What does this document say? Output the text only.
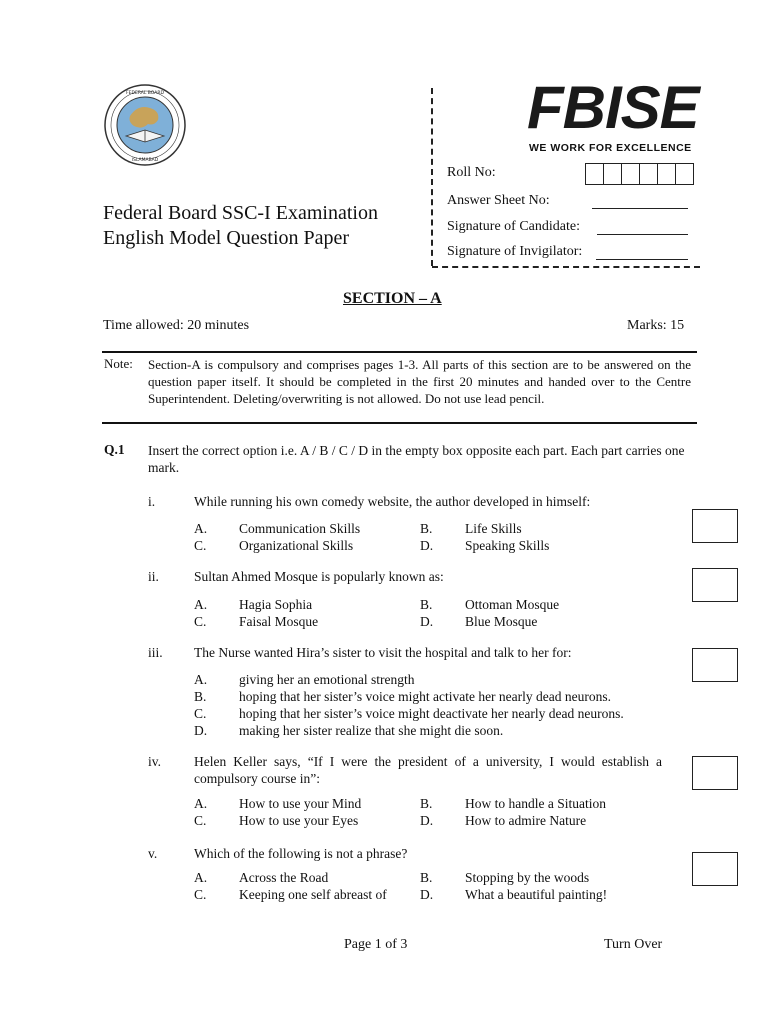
FEDERAL BOARD
ISLAMABAD
Federal Board SSC-I Examination
English Model Question Paper
FBISE
WE WORK FOR EXCELLENCE
Roll No:
Answer Sheet No:
Signature of Candidate:
Signature of Invigilator:
SECTION – A
Time allowed: 20 minutes	Marks: 15
Note: Section-A is compulsory and comprises pages 1-3. All parts of this section are to be answered on the question paper itself. It should be completed in the first 20 minutes and handed over to the Centre Superintendent. Deleting/overwriting is not allowed. Do not use lead pencil.
Q.1 Insert the correct option i.e. A / B / C / D in the empty box opposite each part. Each part carries one mark.
i.	While running his own comedy website, the author developed in himself:
A. Communication Skills	B. Life Skills
C. Organizational Skills	D. Speaking Skills
ii.	Sultan Ahmed Mosque is popularly known as:
A. Hagia Sophia	B. Ottoman Mosque
C. Faisal Mosque	D. Blue Mosque
iii. The Nurse wanted Hira’s sister to visit the hospital and talk to her for:
A. giving her an emotional strength
B. hoping that her sister’s voice might activate her nearly dead neurons.
C. hoping that her sister’s voice might deactivate her nearly dead neurons.
D. making her sister realize that she might die soon.
iv. Helen Keller says, “If I were the president of a university, I would establish a compulsory course in”:
A. How to use your Mind	B. How to handle a Situation
C. How to use your Eyes	D. How to admire Nature
v.	Which of the following is not a phrase?
A. Across the Road	B. Stopping by the woods
C. Keeping one self abreast of D. What a beautiful painting!
Page 1 of 3	Turn Over
